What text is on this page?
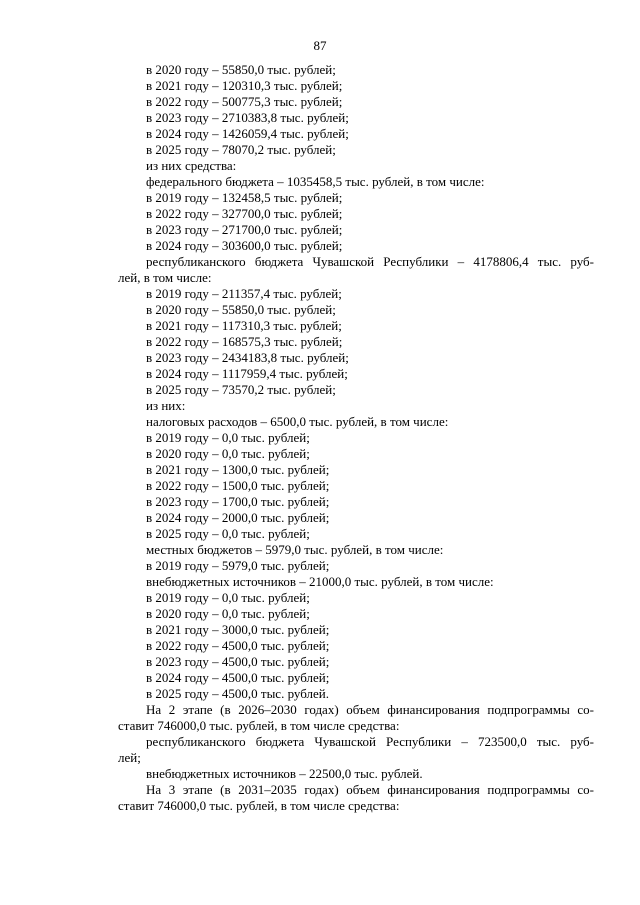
87
в 2020 году – 55850,0 тыс. рублей;
в 2021 году – 120310,3 тыс. рублей;
в 2022 году – 500775,3 тыс. рублей;
в 2023 году – 2710383,8 тыс. рублей;
в 2024 году – 1426059,4 тыс. рублей;
в 2025 году – 78070,2 тыс. рублей;
из них средства:
федерального бюджета – 1035458,5 тыс. рублей, в том числе:
в 2019 году – 132458,5 тыс. рублей;
в 2022 году – 327700,0 тыс. рублей;
в 2023 году – 271700,0 тыс. рублей;
в 2024 году – 303600,0 тыс. рублей;
республиканского бюджета Чувашской Республики – 4178806,4 тыс. руб-
лей, в том числе:
в 2019 году – 211357,4 тыс. рублей;
в 2020 году – 55850,0 тыс. рублей;
в 2021 году – 117310,3 тыс. рублей;
в 2022 году – 168575,3 тыс. рублей;
в 2023 году – 2434183,8 тыс. рублей;
в 2024 году – 1117959,4 тыс. рублей;
в 2025 году – 73570,2 тыс. рублей;
из них:
налоговых расходов – 6500,0 тыс. рублей, в том числе:
в 2019 году – 0,0 тыс. рублей;
в 2020 году – 0,0 тыс. рублей;
в 2021 году – 1300,0 тыс. рублей;
в 2022 году – 1500,0 тыс. рублей;
в 2023 году – 1700,0 тыс. рублей;
в 2024 году – 2000,0 тыс. рублей;
в 2025 году – 0,0 тыс. рублей;
местных бюджетов – 5979,0 тыс. рублей, в том числе:
в 2019 году – 5979,0 тыс. рублей;
внебюджетных источников – 21000,0 тыс. рублей, в том числе:
в 2019 году – 0,0 тыс. рублей;
в 2020 году – 0,0 тыс. рублей;
в 2021 году – 3000,0 тыс. рублей;
в 2022 году – 4500,0 тыс. рублей;
в 2023 году – 4500,0 тыс. рублей;
в 2024 году – 4500,0 тыс. рублей;
в 2025 году – 4500,0 тыс. рублей.
На 2 этапе (в 2026–2030 годах) объем финансирования подпрограммы со-
ставит 746000,0 тыс. рублей, в том числе средства:
республиканского бюджета Чувашской Республики – 723500,0 тыс. руб-
лей;
внебюджетных источников – 22500,0 тыс. рублей.
На 3 этапе (в 2031–2035 годах) объем финансирования подпрограммы со-
ставит 746000,0 тыс. рублей, в том числе средства:
